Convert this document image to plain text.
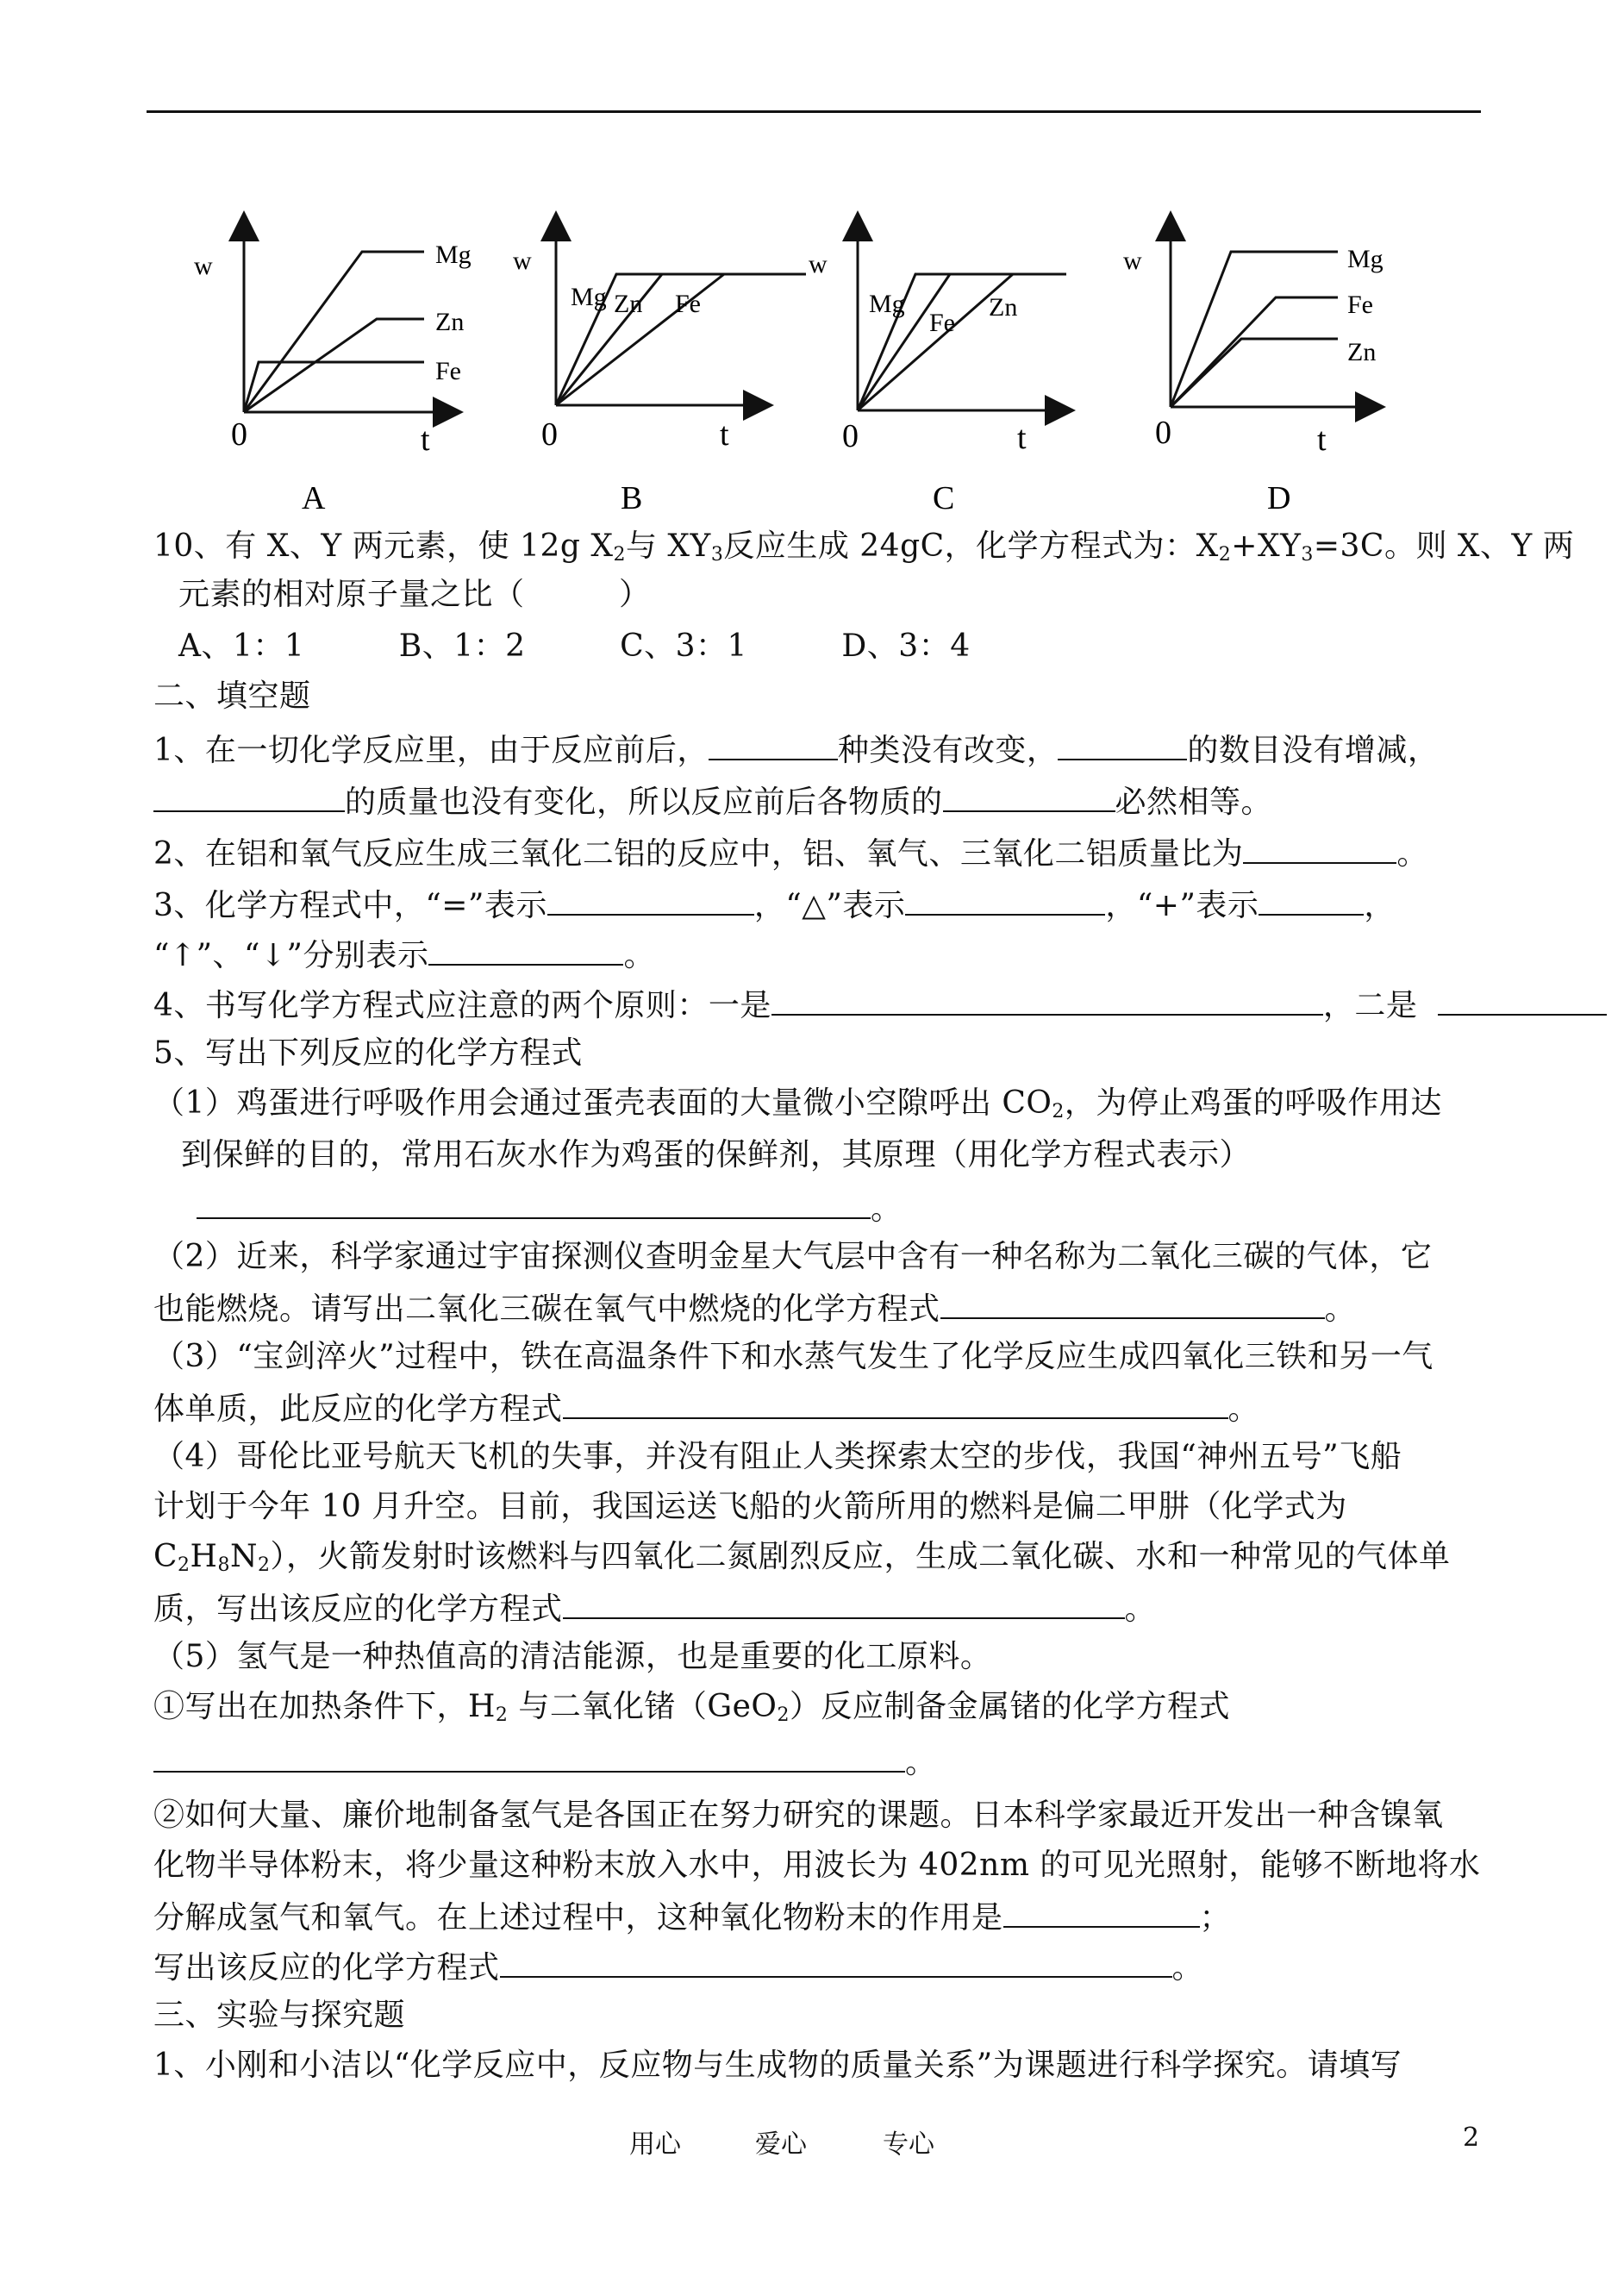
w	Mg
Zn
Fe
0	t
A
w
Mg Zn Fe
0	t
B
w
Mg
Fe
Zn
0	t
C
w	Mg
Fe
Zn
0	t
D
10、有 X、Y 两元素，使 12g $X_2$与 $XY_3$反应生成 24gC，化学方程式为：$X_2+XY_3=3C$。则 X、Y 两
元素的相对原子量之比（　　　）
A、1：1　　　B、1：2　　　C、3：1　　　D、3：4
二、填空题
1、在一切化学反应里，由于反应前后，	种类没有改变，	的数目没有增减，
的质量也没有变化，所以反应前后各物质的	必然相等。
2、在铝和氧气反应生成三氧化二铝的反应中，铝、氧气、三氧化二铝质量比为	。
3、化学方程式中，“=”表示	，“△”表示	，“+”表示	，
“↑”、“↓”分别表示	。
4、书写化学方程式应注意的两个原则：一是	，二是
5、写出下列反应的化学方程式
（1）鸡蛋进行呼吸作用会通过蛋壳表面的大量微小空隙呼出 $CO_2$，为停止鸡蛋的呼吸作用达
到保鲜的目的，常用石灰水作为鸡蛋的保鲜剂，其原理（用化学方程式表示）
。
（2）近来，科学家通过宇宙探测仪查明金星大气层中含有一种名称为二氧化三碳的气体，它
也能燃烧。请写出二氧化三碳在氧气中燃烧的化学方程式	。
（3）“宝剑淬火”过程中，铁在高温条件下和水蒸气发生了化学反应生成四氧化三铁和另一气
体单质，此反应的化学方程式	。
（4）哥伦比亚号航天飞机的失事，并没有阻止人类探索太空的步伐，我国“神州五号”飞船
计划于今年 10 月升空。目前，我国运送飞船的火箭所用的燃料是偏二甲肼（化学式为
$C_2H_8N_2$），火箭发射时该燃料与四氧化二氮剧烈反应，生成二氧化碳、水和一种常见的气体单
质，写出该反应的化学方程式	。
（5）氢气是一种热值高的清洁能源，也是重要的化工原料。
①写出在加热条件下，$H_2$ 与二氧化锗（GeO$_2$）反应制备金属锗的化学方程式
。
②如何大量、廉价地制备氢气是各国正在努力研究的课题。日本科学家最近开发出一种含镍氧
化物半导体粉末，将少量这种粉末放入水中，用波长为 402nm 的可见光照射，能够不断地将水
分解成氢气和氧气。在上述过程中，这种氧化物粉末的作用是	；
写出该反应的化学方程式	。
三、实验与探究题
1、小刚和小洁以“化学反应中，反应物与生成物的质量关系”为课题进行科学探究。请填写
用心	爱心	专心	2
